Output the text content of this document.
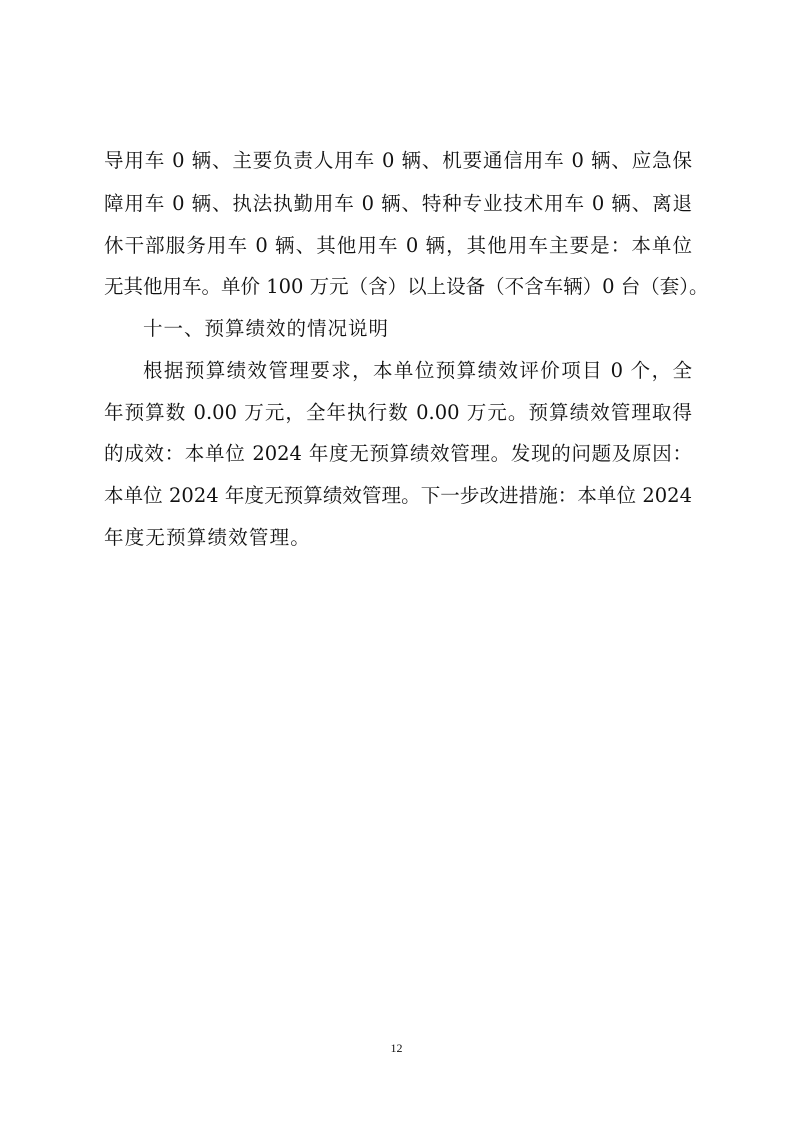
导用车 0 辆、主要负责人用车 0 辆、机要通信用车 0 辆、应急保
障用车 0 辆、执法执勤用车 0 辆、特种专业技术用车 0 辆、离退
休干部服务用车 0 辆、其他用车 0 辆，其他用车主要是：本单位
无其他用车。单价 100 万元（含）以上设备（不含车辆）0 台（套）。
十一、预算绩效的情况说明
根据预算绩效管理要求，本单位预算绩效评价项目 0 个，全
年预算数 0.00 万元，全年执行数 0.00 万元。预算绩效管理取得
的成效：本单位 2024 年度无预算绩效管理。发现的问题及原因：
本单位 2024 年度无预算绩效管理。下一步改进措施：本单位 2024
年度无预算绩效管理。
12
